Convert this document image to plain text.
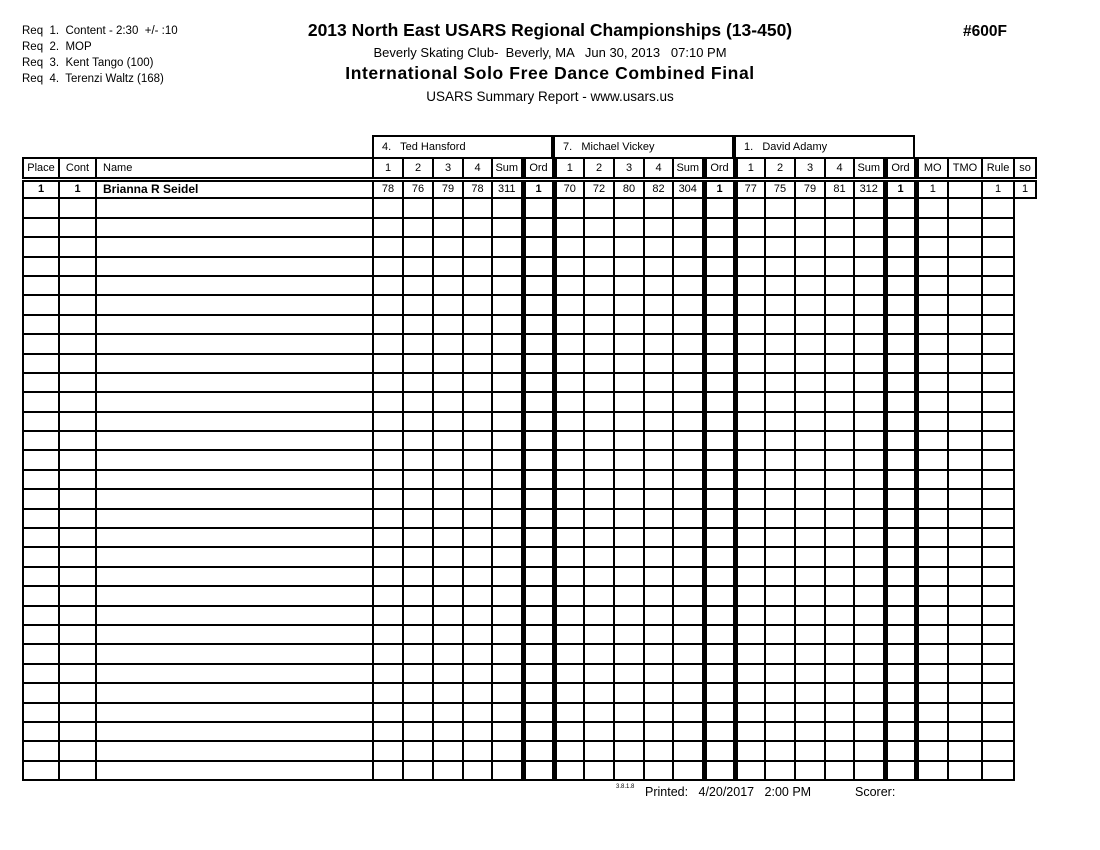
Req  1.  Content - 2:30  +/- :10
Req  2.  MOP
Req  3.  Kent Tango (100)
Req  4.  Terenzi Waltz (168)
2013 North East USARS Regional Championships (13-450)
Beverly Skating Club-  Beverly, MA   Jun 30, 2013   07:10 PM
International Solo Free Dance Combined Final
USARS Summary Report - www.usars.us
#600F
4.   Ted Hansford	7.   Michael Vickey	1.   David Adamy
Place	Cont	Name	1	2	3	4	Sum	Ord	1	2	3	4	Sum	Ord	1	2	3	4	Sum	Ord	MO	TMO	Rule	so
1	1	Brianna R Seidel	78	76	79	78	311	1	70	72	80	82	304	1	77	75	79	81	312	1	1		1	1

3.8.1.8 Printed:   4/20/2017   2:00 PM	Scorer:
